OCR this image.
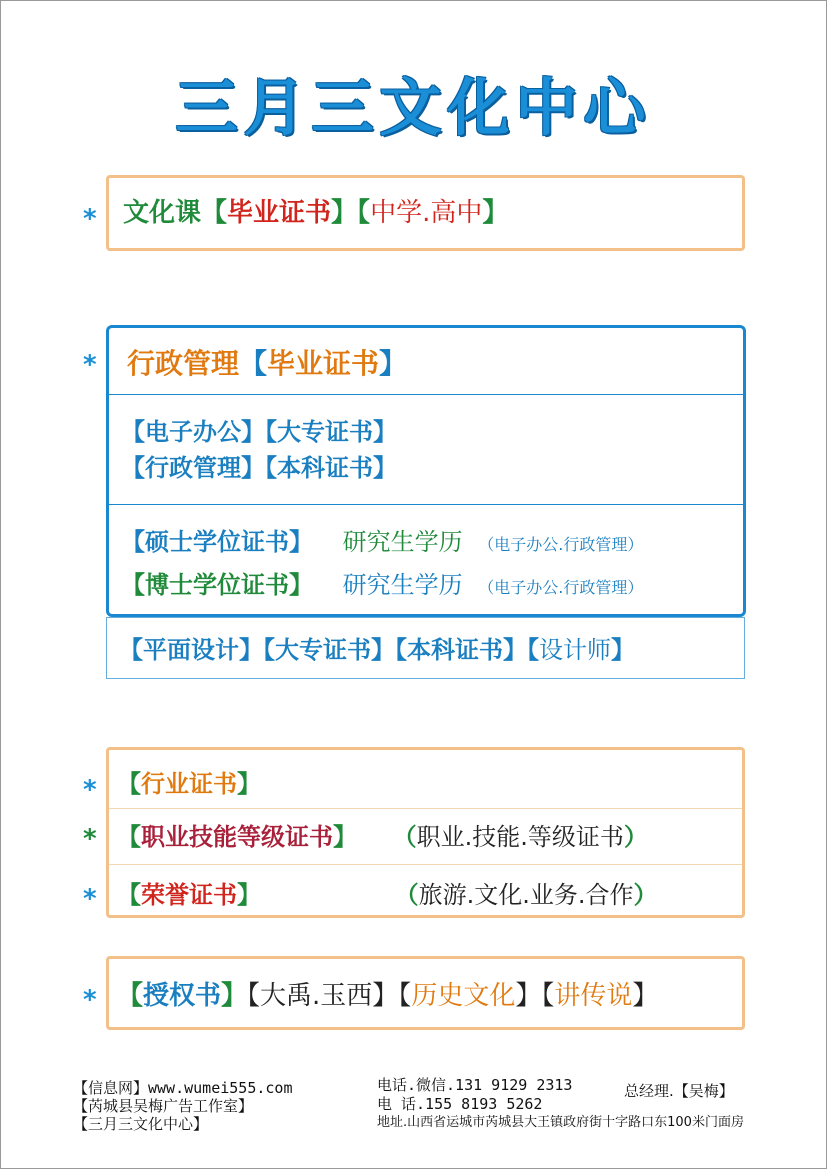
三月三文化中心
* 文化课【毕业证书】【中学.高中】
* 行政管理【毕业证书】
【电子办公】【大专证书】
【行政管理】【本科证书】
【硕士学位证书】 研究生学历 （电子办公.行政管理）
【博士学位证书】 研究生学历 （电子办公.行政管理）
【平面设计】【大专证书】【本科证书】【设计师】
*
*
*
【行业证书】
【职业技能等级证书】 （职业.技能.等级证书）
【荣誉证书】	（旅游.文化.业务.合作）
* 【授权书】【大禹.玉西】【历史文化】【讲传说】
【信息网】www.wumei555.com
【芮城县吴梅广告工作室】
【三月三文化中心】
电话.微信.131 9129 2313
电 话.155 8193 5262
总经理.【吴梅】
地址.山西省运城市芮城县大王镇政府街十字路口东100米门面房
